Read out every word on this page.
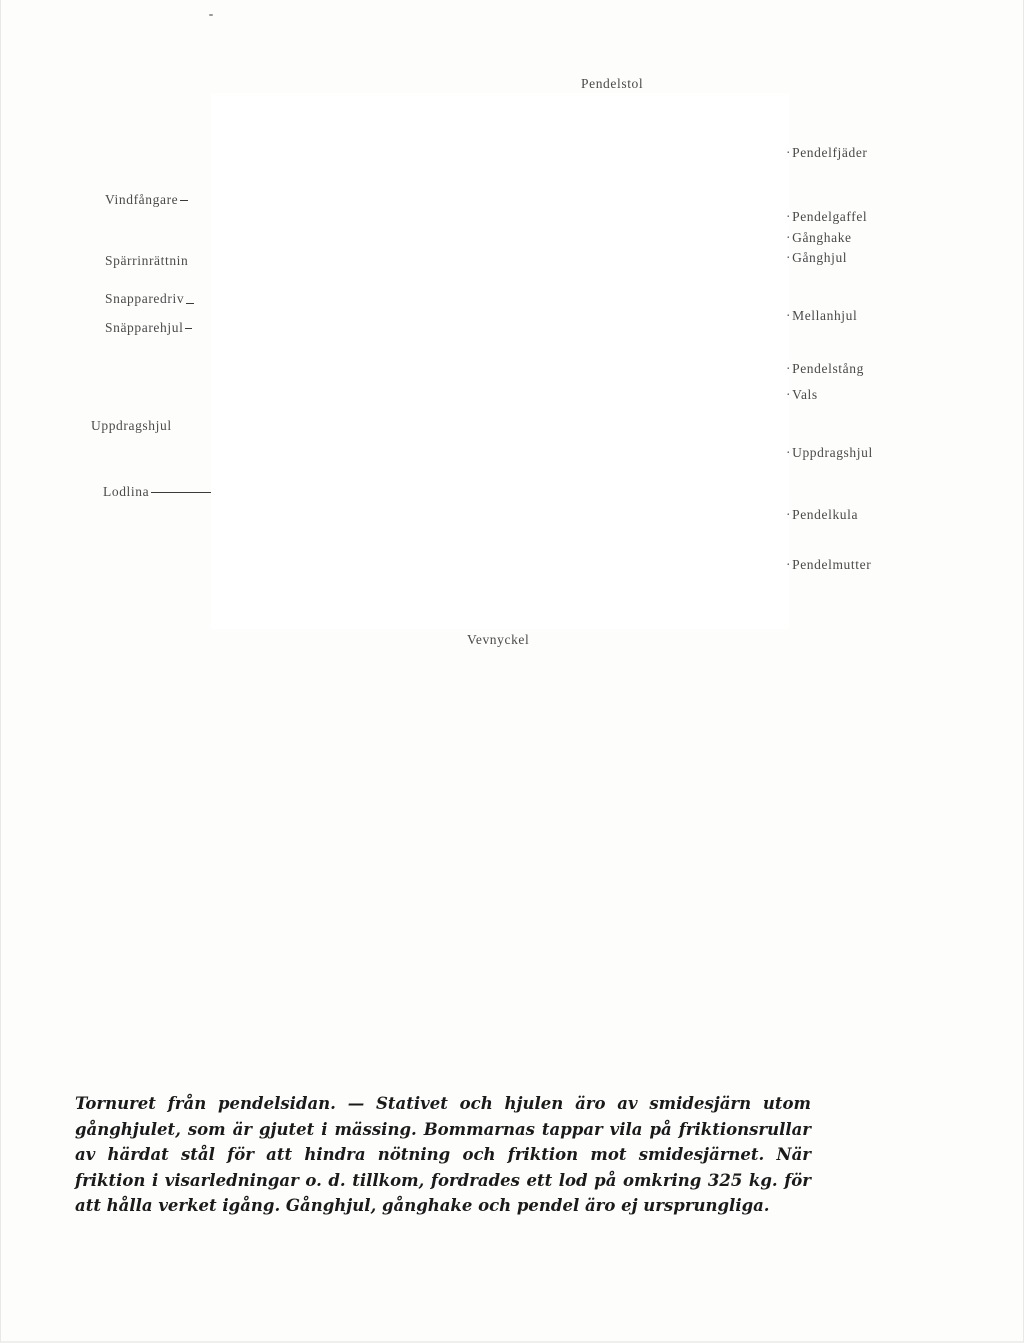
Pendelstol
Vindfångare
Spärrinrättnin
Snapparedriv
Snäpparehjul
Uppdragshjul
Lodlina
· Pendelfjäder
· Pendelgaffel
· Gånghake
· Gånghjul
· Mellanhjul
· Pendelstång
· Vals
· Uppdragshjul
· Pendelkula
· Pendelmutter
Vevnyckel

Tornuret från pendelsidan. — Stativet och hjulen äro av smidesjärn utom gånghjulet, som är gjutet i mässing. Bommarnas tappar vila på friktionsrullar av härdat stål för att hindra nötning och friktion mot smidesjärnet. När friktion i visarledningar o. d. tillkom, fordrades ett lod på omkring 325 kg. för att hålla verket igång. Gånghjul, gånghake och pendel äro ej ursprungliga.
